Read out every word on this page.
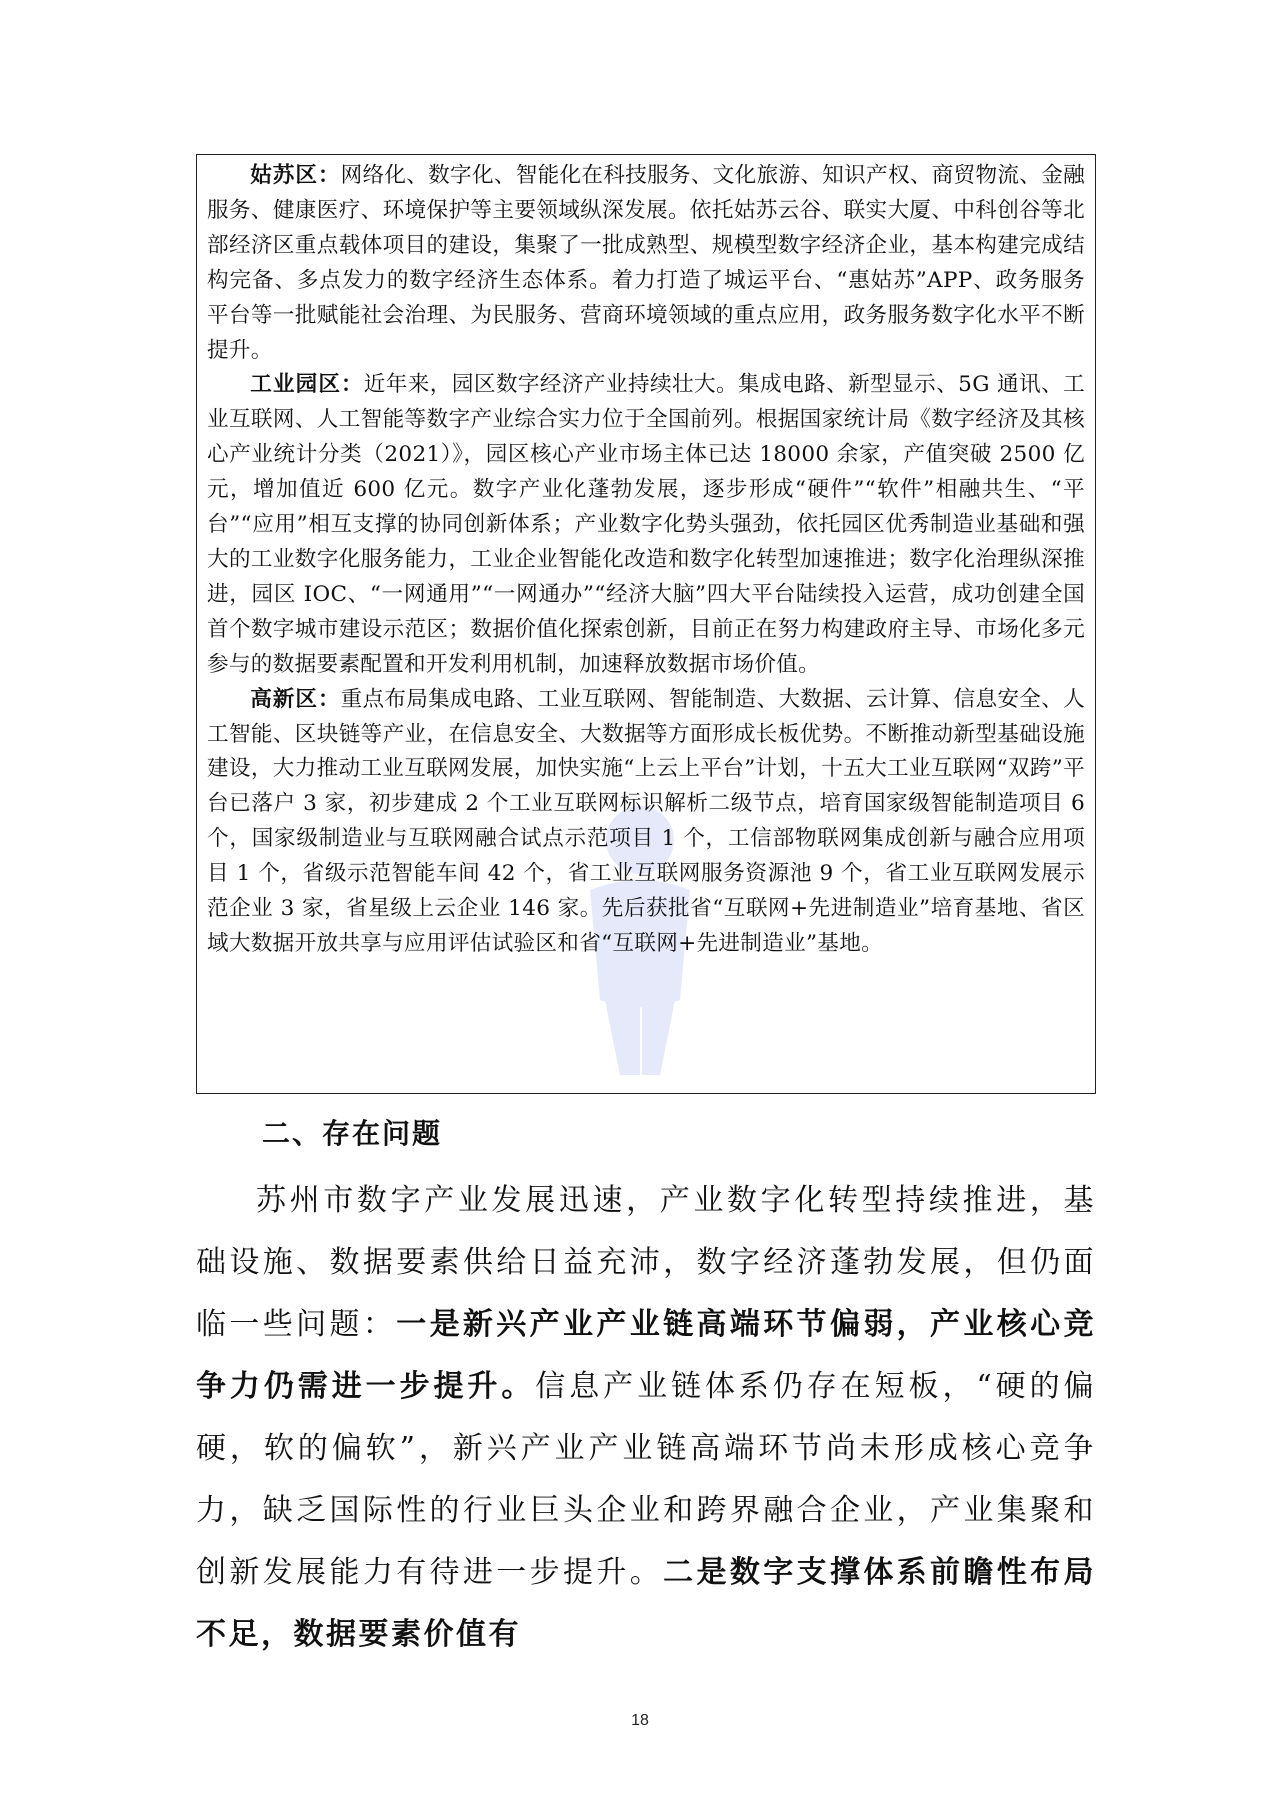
姑苏区：网络化、数字化、智能化在科技服务、文化旅游、知识产权、商贸物流、金融服务、健康医疗、环境保护等主要领域纵深发展。依托姑苏云谷、联实大厦、中科创谷等北部经济区重点载体项目的建设，集聚了一批成熟型、规模型数字经济企业，基本构建完成结构完备、多点发力的数字经济生态体系。着力打造了城运平台、“惠姑苏”APP、政务服务平台等一批赋能社会治理、为民服务、营商环境领域的重点应用，政务服务数字化水平不断提升。

工业园区：近年来，园区数字经济产业持续壮大。集成电路、新型显示、5G 通讯、工业互联网、人工智能等数字产业综合实力位于全国前列。根据国家统计局《数字经济及其核心产业统计分类（2021）》，园区核心产业市场主体已达 18000 余家，产值突破 2500 亿元，增加值近 600 亿元。数字产业化蓬勃发展，逐步形成“硬件”“软件”相融共生、“平台”“应用”相互支撑的协同创新体系；产业数字化势头强劲，依托园区优秀制造业基础和强大的工业数字化服务能力，工业企业智能化改造和数字化转型加速推进；数字化治理纵深推进，园区 IOC、“一网通用”“一网通办”“经济大脑”四大平台陆续投入运营，成功创建全国首个数字城市建设示范区；数据价值化探索创新，目前正在努力构建政府主导、市场化多元参与的数据要素配置和开发利用机制，加速释放数据市场价值。

高新区：重点布局集成电路、工业互联网、智能制造、大数据、云计算、信息安全、人工智能、区块链等产业，在信息安全、大数据等方面形成长板优势。不断推动新型基础设施建设，大力推动工业互联网发展，加快实施“上云上平台”计划，十五大工业互联网“双跨”平台已落户 3 家，初步建成 2 个工业互联网标识解析二级节点，培育国家级智能制造项目 6 个，国家级制造业与互联网融合试点示范项目 1 个，工信部物联网集成创新与融合应用项目 1 个，省级示范智能车间 42 个，省工业互联网服务资源池 9 个，省工业互联网发展示范企业 3 家，省星级上云企业 146 家。先后获批省“互联网+先进制造业”培育基地、省区域大数据开放共享与应用评估试验区和省“互联网+先进制造业”基地。

二、存在问题

苏州市数字产业发展迅速，产业数字化转型持续推进，基础设施、数据要素供给日益充沛，数字经济蓬勃发展，但仍面临一些问题：一是新兴产业产业链高端环节偏弱，产业核心竞争力仍需进一步提升。信息产业链体系仍存在短板，“硬的偏硬，软的偏软”，新兴产业产业链高端环节尚未形成核心竞争力，缺乏国际性的行业巨头企业和跨界融合企业，产业集聚和创新发展能力有待进一步提升。二是数字支撑体系前瞻性布局不足，数据要素价值有

18
